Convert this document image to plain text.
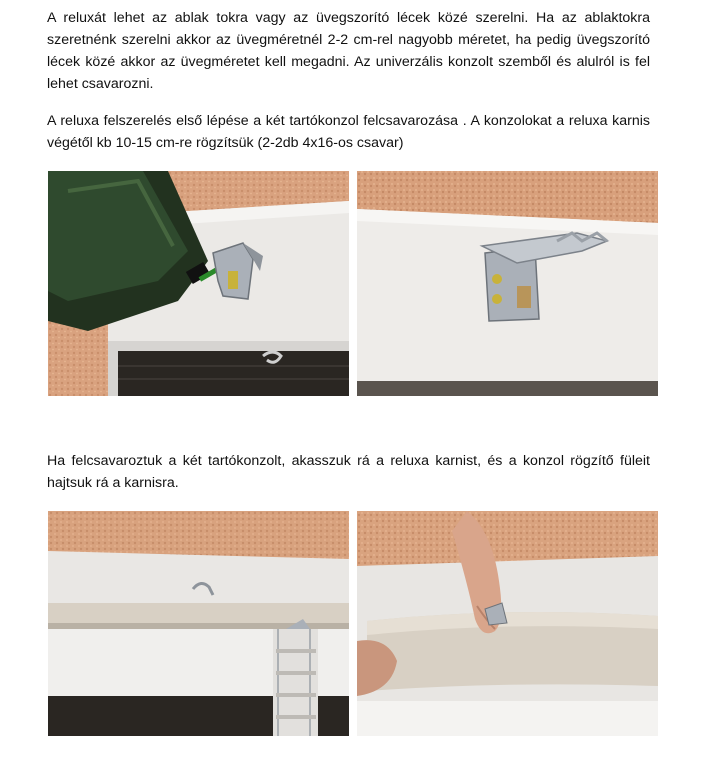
A reluxát lehet az ablak tokra vagy az üvegszorító lécek közé szerelni. Ha az ablaktokra szeretnénk szerelni akkor az üvegméretnél 2-2 cm-rel nagyobb méretet, ha pedig üvegszorító lécek közé akkor az üvegméretet kell megadni. Az univerzális konzolt szemből és alulról is fel lehet csavarozni.

A reluxa felszerelés első lépése a két tartókonzol felcsavarozása . A konzolokat a reluxa karnis végétől kb 10-15 cm-re rögzítsük (2-2db 4x16-os csavar)

Ha felcsavaroztuk a két tartókonzolt, akasszuk rá a reluxa karnist, és a konzol rögzítő füleit hajtsuk rá a karnisra.
